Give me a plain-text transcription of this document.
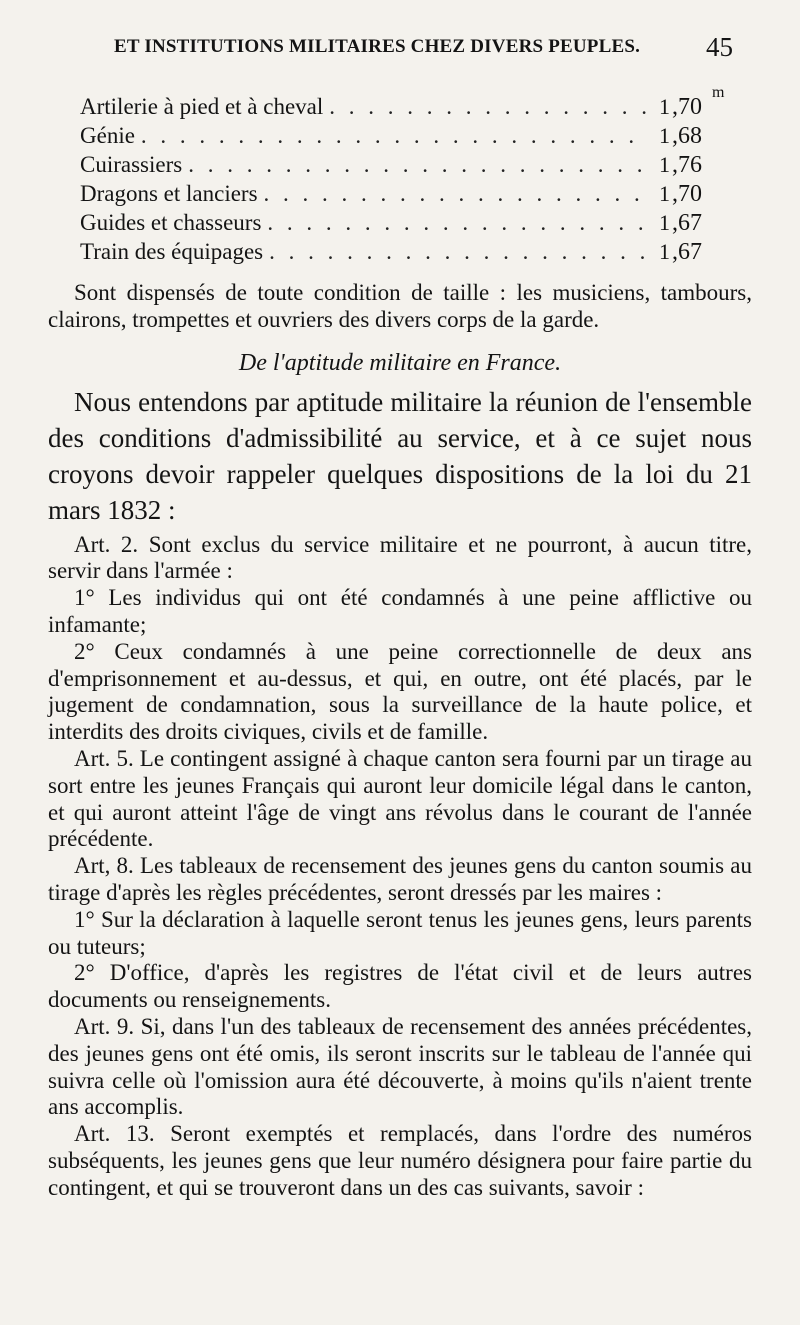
ET INSTITUTIONS MILITAIRES CHEZ DIVERS PEUPLES. 45
m
Artilerie à pied et à cheval . . .	1 ,70
Génie . . .	1 ,68
Cuirassiers . . .	1 ,76
Dragons et lanciers . . .	1 ,70
Guides et chasseurs . . .	1 ,67
Train des équipages . . .	1 ,67

Sont dispensés de toute condition de taille : les musiciens, tambours, clairons, trompettes et ouvriers des divers corps de la garde.

De l'aptitude militaire en France.

Nous entendons par aptitude militaire la réunion de l'ensemble des conditions d'admissibilité au service, et à ce sujet nous croyons devoir rappeler quelques dispositions de la loi du 21 mars 1832 :

Art. 2. Sont exclus du service militaire et ne pourront, à aucun titre, servir dans l'armée :

1° Les individus qui ont été condamnés à une peine afflictive ou infamante;

2° Ceux condamnés à une peine correctionnelle de deux ans d'emprisonnement et au-dessus, et qui, en outre, ont été placés, par le jugement de condamnation, sous la surveillance de la haute police, et interdits des droits civiques, civils et de famille.

Art. 5. Le contingent assigné à chaque canton sera fourni par un tirage au sort entre les jeunes Français qui auront leur domicile légal dans le canton, et qui auront atteint l'âge de vingt ans révolus dans le courant de l'année précédente.

Art, 8. Les tableaux de recensement des jeunes gens du canton soumis au tirage d'après les règles précédentes, seront dressés par les maires :

1° Sur la déclaration à laquelle seront tenus les jeunes gens, leurs parents ou tuteurs;

2° D'office, d'après les registres de l'état civil et de leurs autres documents ou renseignements.

Art. 9. Si, dans l'un des tableaux de recensement des années précédentes, des jeunes gens ont été omis, ils seront inscrits sur le tableau de l'année qui suivra celle où l'omission aura été découverte, à moins qu'ils n'aient trente ans accomplis.

Art. 13. Seront exemptés et remplacés, dans l'ordre des numéros subséquents, les jeunes gens que leur numéro désignera pour faire partie du contingent, et qui se trouveront dans un des cas suivants, savoir :
